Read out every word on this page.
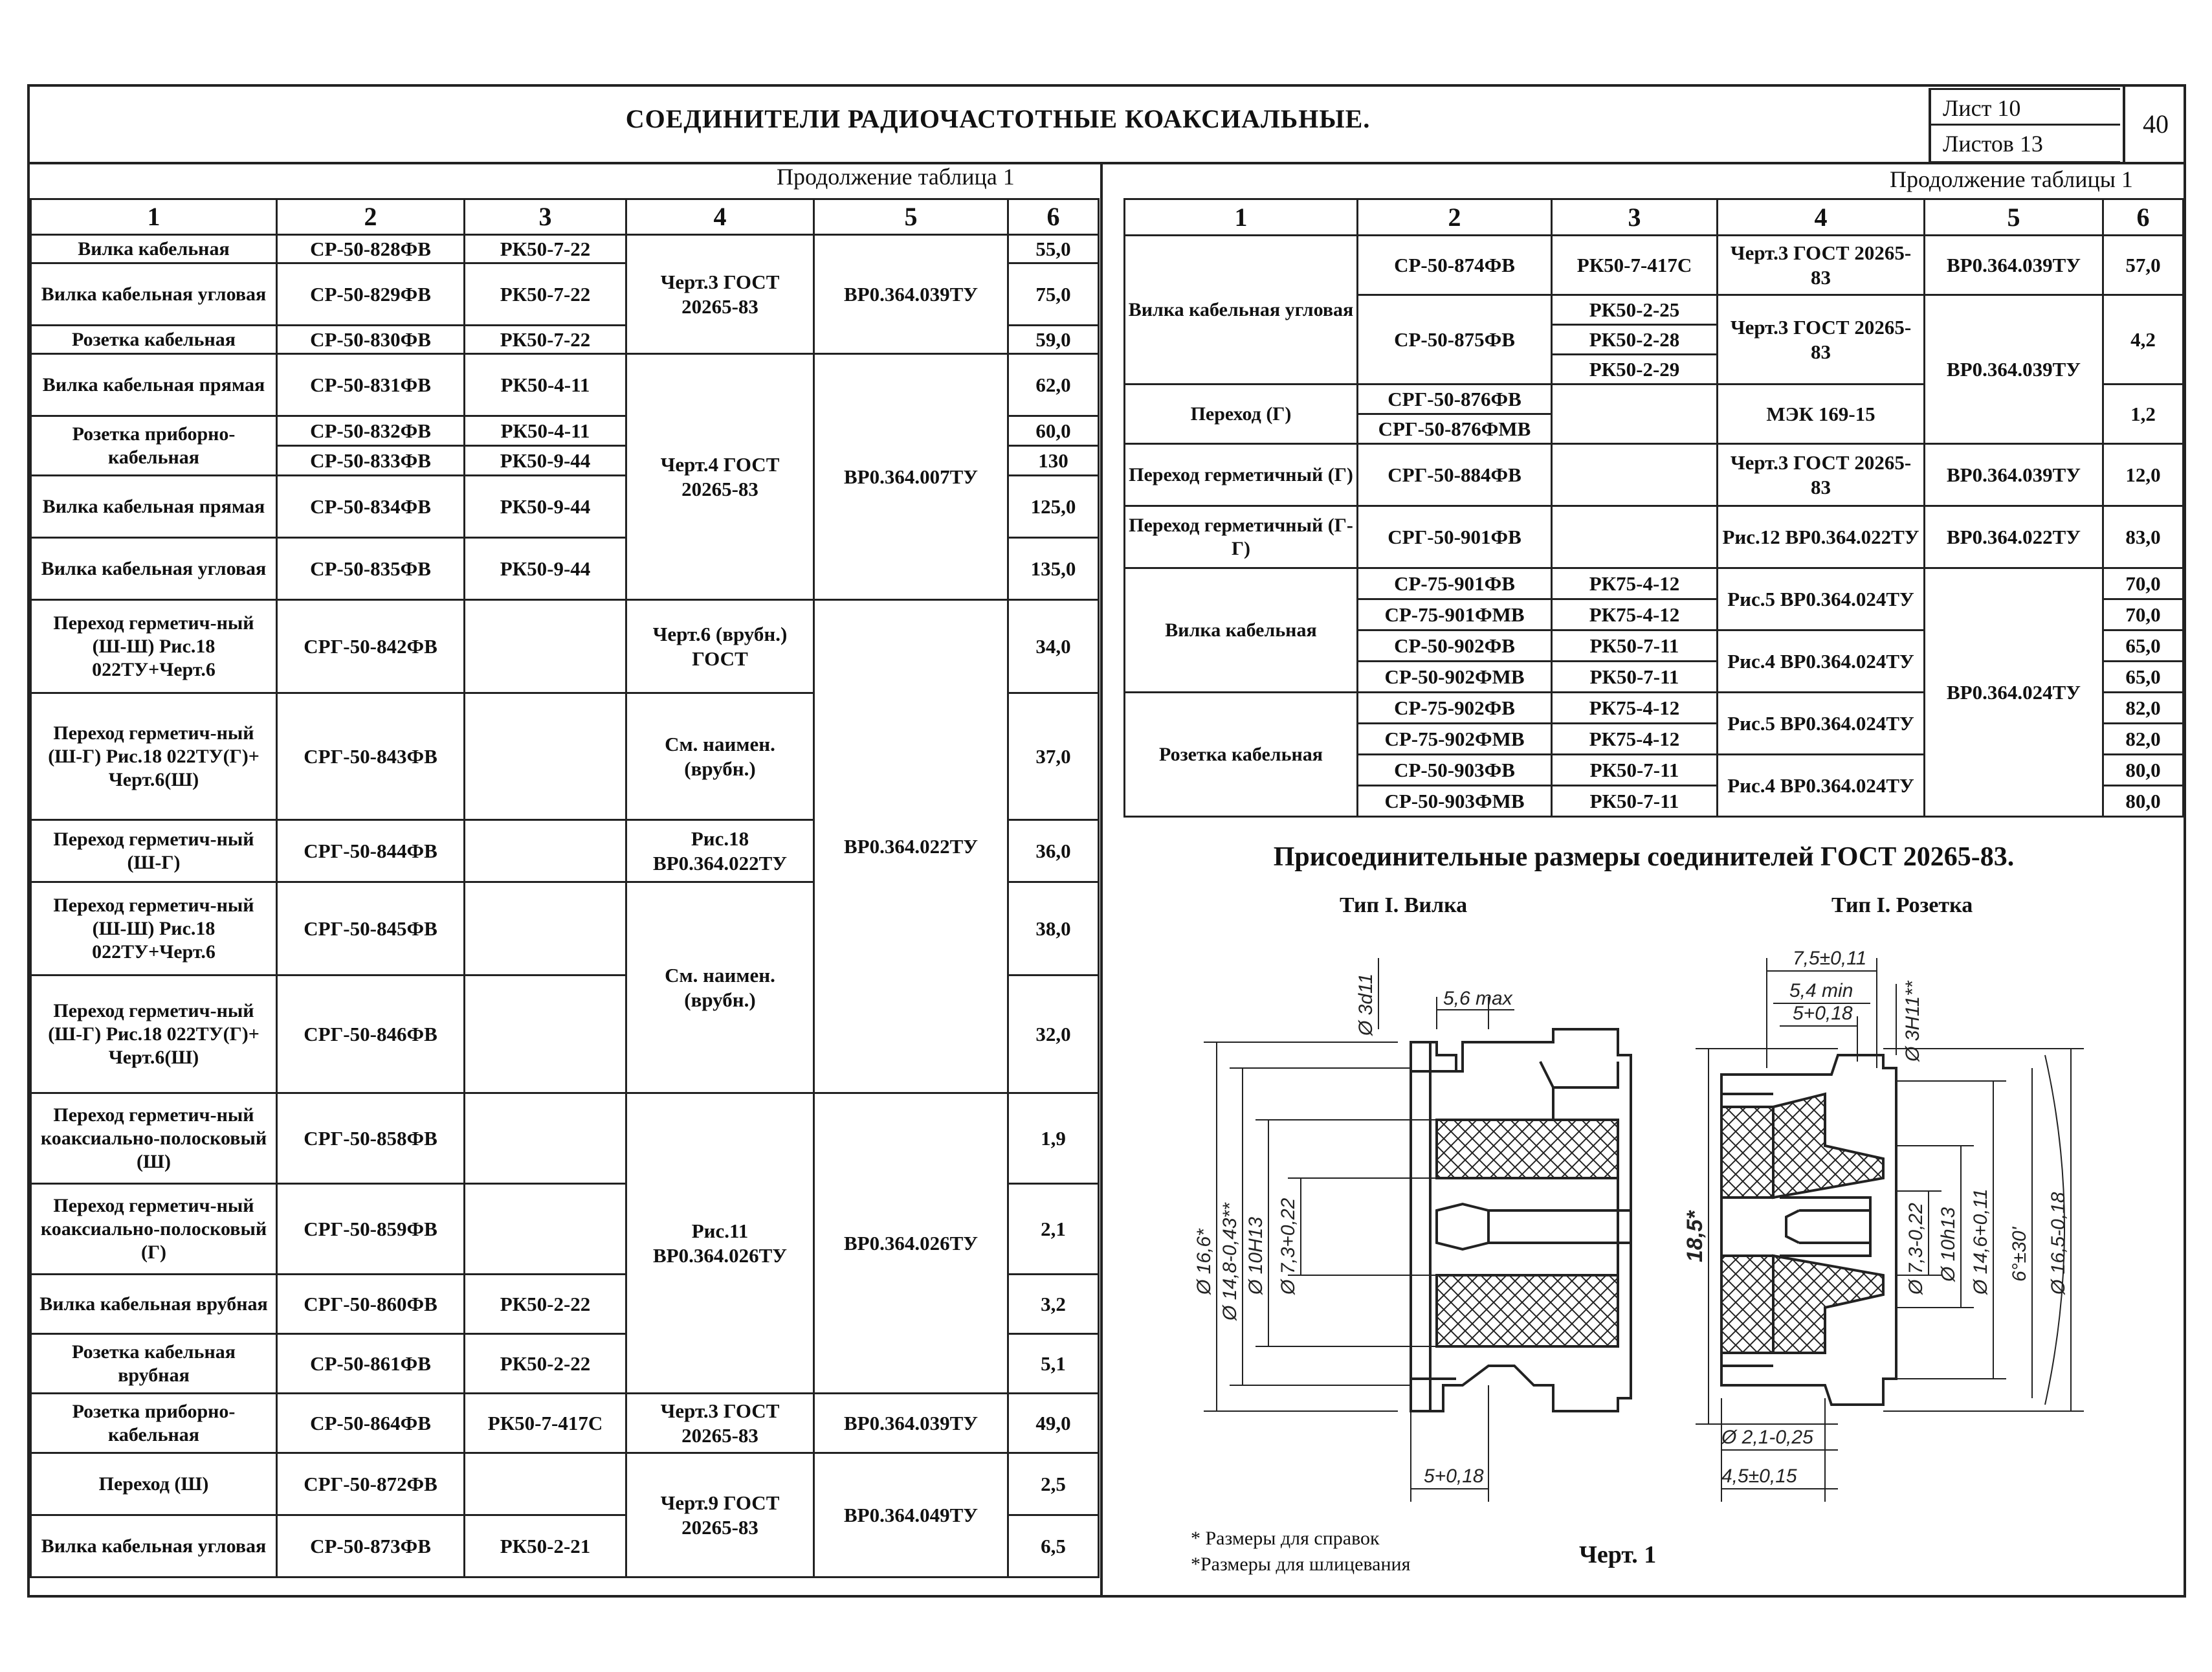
СОЕДИНИТЕЛИ РАДИОЧАСТОТНЫЕ КОАКСИАЛЬНЫЕ.	Лист 10
Листов 13
40
Продолжение таблица 1	Продолжение таблицы 1
1	2	3	4	5	6
Вилка кабельная	СР-50-828ФВ	РК50-7-22	Черт.3 ГОСТ 20265-83	ВР0.364.039ТУ	55,0
Вилка кабельная угловая	СР-50-829ФВ	РК50-7-22			75,0
Розетка кабельная	СР-50-830ФВ	РК50-7-22			59,0
Вилка кабельная прямая	СР-50-831ФВ	РК50-4-11	Черт.4 ГОСТ 20265-83	ВР0.364.007ТУ	62,0
Розетка приборно-кабельная	СР-50-832ФВ	РК50-4-11			60,0
	СР-50-833ФВ	РК50-9-44			130
Вилка кабельная прямая	СР-50-834ФВ	РК50-9-44			125,0
Вилка кабельная угловая	СР-50-835ФВ	РК50-9-44			135,0
Переход герметич-ный (Ш-Ш) Рис.18 022ТУ+Черт.6	СРГ-50-842ФВ		Черт.6 (врубн.) ГОСТ	ВР0.364.022ТУ	34,0
Переход герметич-ный (Ш-Г) Рис.18 022ТУ(Г)+ Черт.6(Ш)	СРГ-50-843ФВ		См. наимен. (врубн.)		37,0
Переход герметич-ный (Ш-Г)	СРГ-50-844ФВ		Рис.18 ВР0.364.022ТУ		36,0
Переход герметич-ный (Ш-Ш) Рис.18 022ТУ+Черт.6	СРГ-50-845ФВ		См. наимен. (врубн.)		38,0
Переход герметич-ный (Ш-Г) Рис.18 022ТУ(Г)+ Черт.6(Ш)	СРГ-50-846ФВ				32,0
Переход герметич-ный коаксиально-полосковый (Ш)	СРГ-50-858ФВ		Рис.11 ВР0.364.026ТУ	ВР0.364.026ТУ	1,9
Переход герметич-ный коаксиально-полосковый (Г)	СРГ-50-859ФВ				2,1
Вилка кабельная врубная	СРГ-50-860ФВ	РК50-2-22			3,2
Розетка кабельная врубная	СР-50-861ФВ	РК50-2-22			5,1
Розетка приборно-кабельная	СР-50-864ФВ	РК50-7-417С	Черт.3 ГОСТ 20265-83	ВР0.364.039ТУ	49,0
Переход (Ш)	СРГ-50-872ФВ		Черт.9 ГОСТ 20265-83	ВР0.364.049ТУ	2,5
Вилка кабельная угловая	СР-50-873ФВ	РК50-2-21			6,5
1	2	3	4	5	6
Вилка кабельная угловая	СР-50-874ФВ	РК50-7-417С	Черт.3 ГОСТ 20265-83	ВР0.364.039ТУ	57,0
	СР-50-875ФВ	РК50-2-25	Черт.3 ГОСТ 20265-83	ВР0.364.039ТУ	4,2
		РК50-2-28			
		РК50-2-29			
Переход (Г)	СРГ-50-876ФВ		МЭК 169-15		1,2
	СРГ-50-876ФМВ				
Переход герметичный (Г)	СРГ-50-884ФВ		Черт.3 ГОСТ 20265-83	ВР0.364.039ТУ	12,0
Переход герметичный (Г-Г)	СРГ-50-901ФВ		Рис.12 ВР0.364.022ТУ	ВР0.364.022ТУ	83,0
Вилка кабельная	СР-75-901ФВ	РК75-4-12	Рис.5 ВР0.364.024ТУ	ВР0.364.024ТУ	70,0
	СР-75-901ФМВ	РК75-4-12			70,0
	СР-50-902ФВ	РК50-7-11	Рис.4 ВР0.364.024ТУ		65,0
	СР-50-902ФМВ	РК50-7-11			65,0
Розетка кабельная	СР-75-902ФВ	РК75-4-12	Рис.5 ВР0.364.024ТУ		82,0
	СР-75-902ФМВ	РК75-4-12			82,0
	СР-50-903ФВ	РК50-7-11	Рис.4 ВР0.364.024ТУ		80,0
	СР-50-903ФМВ	РК50-7-11			80,0
Присоединительные размеры соединителей ГОСТ 20265-83.
Тип I. Вилка	Тип I. Розетка
5,6 max
Ø 3d11
Ø 16,6* Ø 14,8-0,43** Ø 10H13 Ø 7,3+0,22
5+0,18
7,5±0,11
5,4 min
5+0,18	Ø 3H11**
18,5*	Ø 7,3-0,22 Ø 10h13 Ø 14,6+0,11 6°±30' Ø 16,5-0,18
Ø 2,1-0,25
4,5±0,15
* Размеры для справок
*Размеры для шлицевания	Черт. 1
